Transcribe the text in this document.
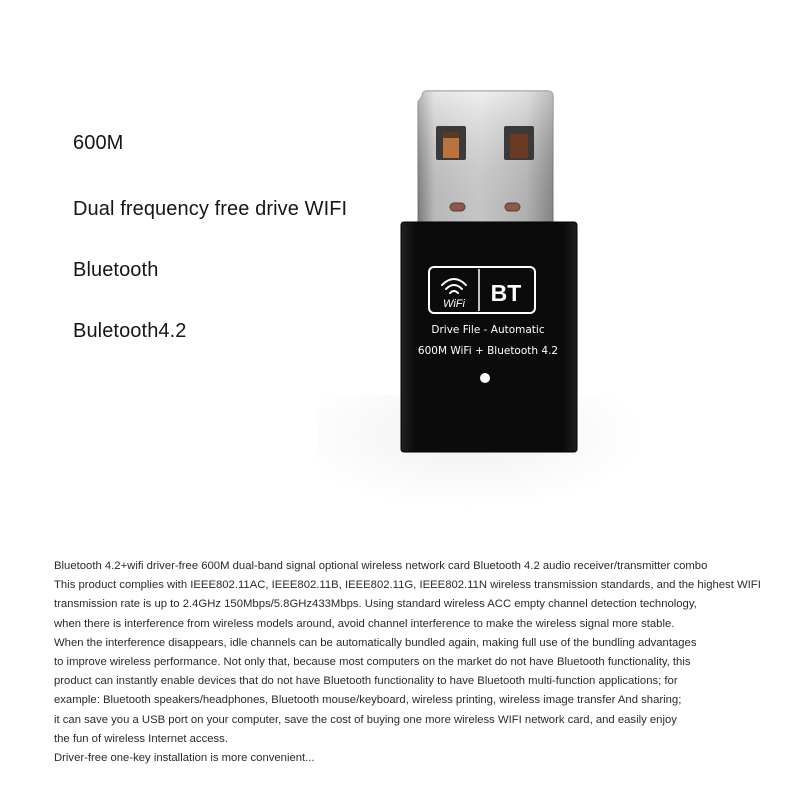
600M
Dual frequency free drive WIFI
Bluetooth
Buletooth4.2
WiFi BT
Drive File - Automatic
600M WiFi + Bluetooth 4.2
Bluetooth 4.2+wifi driver-free 600M dual-band signal optional wireless network card Bluetooth 4.2 audio receiver/transmitter combo
This product complies with IEEE802.11AC, IEEE802.11B, IEEE802.11G, IEEE802.11N wireless transmission standards, and the highest WIFI
transmission rate is up to 2.4GHz 150Mbps/5.8GHz433Mbps. Using standard wireless ACC empty channel detection technology,
when there is interference from wireless models around, avoid channel interference to make the wireless signal more stable.
When the interference disappears, idle channels can be automatically bundled again, making full use of the bundling advantages
to improve wireless performance. Not only that, because most computers on the market do not have Bluetooth functionality, this
product can instantly enable devices that do not have Bluetooth functionality to have Bluetooth multi-function applications; for
example: Bluetooth speakers/headphones, Bluetooth mouse/keyboard, wireless printing, wireless image transfer And sharing;
it can save you a USB port on your computer, save the cost of buying one more wireless WIFI network card, and easily enjoy
the fun of wireless Internet access.
Driver-free one-key installation is more convenient...
